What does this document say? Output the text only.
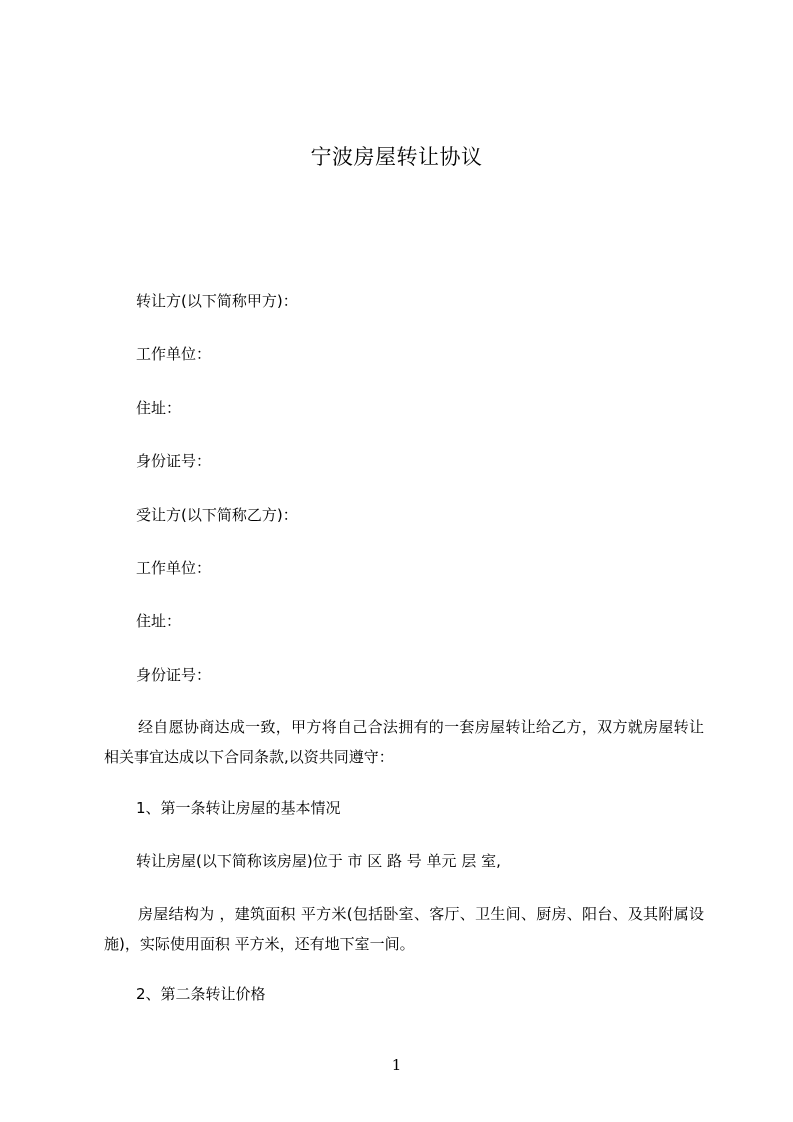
宁波房屋转让协议
转让方(以下简称甲方)：
工作单位：
住址：
身份证号：
受让方(以下简称乙方)：
工作单位：
住址：
身份证号：
经自愿协商达成一致，甲方将自己合法拥有的一套房屋转让给乙方，双方就房屋转让相关事宜达成以下合同条款,以资共同遵守：
1、第一条转让房屋的基本情况
转让房屋(以下简称该房屋)位于 市 区 路 号 单元 层 室,
房屋结构为 ，建筑面积 平方米(包括卧室、客厅、卫生间、厨房、阳台、及其附属设施)，实际使用面积 平方米，还有地下室一间。
2、第二条转让价格
1
